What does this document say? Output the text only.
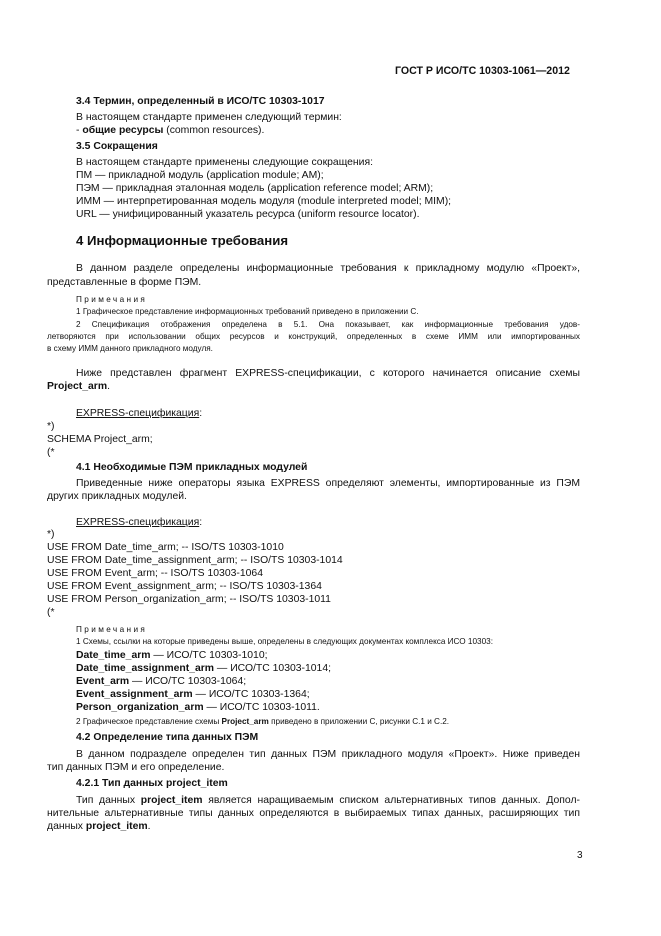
ГОСТ Р ИСО/ТС 10303-1061—2012
3.4 Термин, определенный в ИСО/ТС 10303-1017
В настоящем стандарте применен следующий термин:
- общие ресурсы (common resources).
3.5 Сокращения
В настоящем стандарте применены следующие сокращения:
ПМ — прикладной модуль (application module; AM);
ПЭМ — прикладная эталонная модель (application reference model; ARM);
ИММ — интерпретированная модель модуля (module interpreted model; MIM);
URL — унифицированный указатель ресурса (uniform resource locator).
4 Информационные требования
В данном разделе определены информационные требования к прикладному модулю «Проект»,
представленные в форме ПЭМ.
Примечания
1 Графическое представление информационных требований приведено в приложении С.
2 Спецификация отображения определена в 5.1. Она показывает, как информационные требования удов-
летворяются при использовании общих ресурсов и конструкций, определенных в схеме ИММ или импортированных
в схему ИММ данного прикладного модуля.
Ниже представлен фрагмент EXPRESS-спецификации, с которого начинается описание схемы
Project_arm.
EXPRESS-спецификация:
*)
SCHEMA Project_arm;
(*
4.1 Необходимые ПЭМ прикладных модулей
Приведенные ниже операторы языка EXPRESS определяют элементы, импортированные из ПЭМ
других прикладных модулей.
EXPRESS-спецификация:
*)
USE FROM Date_time_arm; -- ISO/TS 10303-1010
USE FROM Date_time_assignment_arm; -- ISO/TS 10303-1014
USE FROM Event_arm; -- ISO/TS 10303-1064
USE FROM Event_assignment_arm; -- ISO/TS 10303-1364
USE FROM Person_organization_arm; -- ISO/TS 10303-1011
(*
Примечания
1 Схемы, ссылки на которые приведены выше, определены в следующих документах комплекса ИСО 10303:
Date_time_arm — ИСО/ТС 10303-1010;
Date_time_assignment_arm — ИСО/ТС 10303-1014;
Event_arm — ИСО/ТС 10303-1064;
Event_assignment_arm — ИСО/ТС 10303-1364;
Person_organization_arm — ИСО/ТС 10303-1011.
2 Графическое представление схемы Project_arm приведено в приложении С, рисунки С.1 и С.2.
4.2 Определение типа данных ПЭМ
В данном подразделе определен тип данных ПЭМ прикладного модуля «Проект». Ниже приведен
тип данных ПЭМ и его определение.
4.2.1 Тип данных project_item
Тип данных project_item является наращиваемым списком альтернативных типов данных. Допол-
нительные альтернативные типы данных определяются в выбираемых типах данных, расширяющих тип
данных project_item.
3
